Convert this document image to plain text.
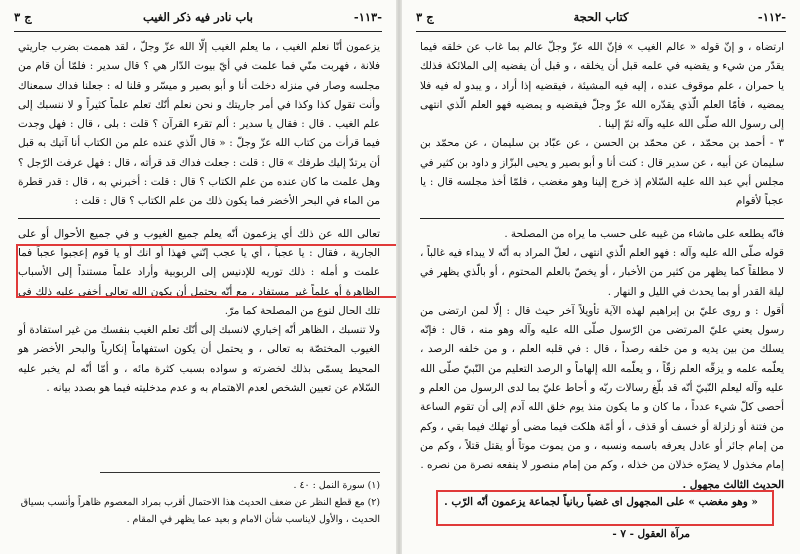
-١١٣-
باب نادر فيه ذكر الغيب
ج ٣

يزعمون أنّا نعلم الغيب ، ما يعلم الغيب إلّا الله عزّ وجلّ ، لقد هممت بضرب جاريتي فلانة ، فهربت منّي فما علمت في أيّ بيوت الدّار هي ؟ قال سدير : فلمّا أن قام من مجلسه وصار في منزله دخلت أنا و أبو بصير و ميسّر و قلنا له : جعلنا فداك سمعناك وأنت تقول كذا وكذا في أمر جاريتك و نحن نعلم أنّك تعلم علماً كثيراً و لا ننسبك إلى علم الغيب . قال : فقال يا سدير : ألم تقرء القرآن ؟ قلت : بلى ، قال : فهل وجدت فيما قرأت من كتاب الله عزّ وجلّ : « قال الّذي عنده علم من الكتاب أنا آتيك به قبل أن يرتدّ إليك طرفك » قال : قلت : جعلت فداك قد قرأته ، قال : فهل عرفت الرّجل ؟ وهل علمت ما كان عنده من علم الكتاب ؟ قال : قلت : أخبرني به ، قال : قدر قطرة من الماء في البحر الأخضر فما يكون ذلك من علم الكتاب ؟ قال : قلت :

تعالى الله عن ذلك أي يزعمون أنّه يعلم جميع الغيوب و في جميع الأحوال أو على الجارية ، فقال : يا عجباً ، أي يا عجب إنّني فهذا أو انك أو يا قوم إعجبوا عجباً فما علمت و أمله : ذلك توريه للإدنيس إلى الربوبية وأراد علماً مستنداً إلى الأسباب الظاهرة أو علماً غير مستفاد ، مع أنّه يحتمل أن يكون الله تعالى أخفى عليه ذلك في تلك الحال لنوع من المصلحة كما مرّ.

ولا تنسبك ، الظاهر أنّه إخباري لانسبك إلى أنّك تعلم الغيب بنفسك من غير استفادة أو الغيوب المختصّة به تعالى ، و يحتمل أن يكون استفهاماً إنكارياً والبحر الأخضر هو المحيط يسمّى بذلك لخضرته و سواده بسبب كثرة مائه ، و أمّا أنّه لم يخبر عليه السّلام عن تعيين الشخص لعدم الاهتمام به و عدم مدخليته فيما هو بصدد بيانه .

(١) سورة النمل : ٤٠ .

(٢) مع قطع النظر عن ضعف الحديث هذا الاحتمال أقرب بمراد المعصوم ظاهراً وأنسب بسياق الحديث ، والأول لايناسب شأن الامام و بعيد عما يظهر في المقام .

-١١٢-
كتاب الحجة
ج ٣

ارتضاه ، و إنّ قوله « عالم الغيب » فإنّ الله عزّ وجلّ عالم بما غاب عن خلقه فيما يقدّر من شيء و يقضيه في علمه قبل أن يخلقه ، و قبل أن يفضيه إلى الملائكة فذلك يا حمران ، علم موقوف عنده ، إليه فيه المشيئة ، فيقضيه إذا أراد ، و يبدو له فيه فلا يمضيه ، فأمّا العلم الّذي يقدّره الله عزّ وجلّ فيقضيه و يمضيه فهو العلم الّذي انتهى إلى رسول الله صلّى الله عليه وآله ثمّ إلينا .

٣ - أحمد بن محمّد ، عن محمّد بن الحسن ، عن عبّاد بن سليمان ، عن محمّد بن سليمان عن أبيه ، عن سدير قال : كنت أنا و أبو بصير و يحيى البزّاز و داود بن كثير في مجلس أبي عبد الله عليه السّلام إذ خرج إلينا وهو مغضب ، فلمّا أخذ مجلسه قال : يا عجباً لأقوام

فانّه يطلعه على ماشاء من غيبه على حسب ما يراه من المصلحة .

قوله صلّى الله عليه وآله : فهو العلم الّذي انتهى ، لعلّ المراد به أنّه لا يبداء فيه غالباً ، لا مطلقاً كما يظهر من كثير من الأخبار ، أو يخصّ بالعلم المحتوم ، أو بالّذي يظهر في ليلة القدر أو بما يحدث في الليل و النهار .

أقول : و روى عليّ بن إبراهيم لهذه الآية تأويلاً آخر حيث قال : إلّا لمن ارتضى من رسول يعني عليّ المرتضى من الرّسول صلّى الله عليه وآله وهو منه ، قال : فإنّه يسلك من بين يديه و من خلفه رصداً ، قال : في قلبه العلم ، و من خلفه الرصد ، يعلّمه علمه و يزقّه العلم زقّاً ، و يعلّمه الله إلهاماً و الرصد التعليم من النّبيّ صلّى الله عليه وآله ليعلم النّبيّ أنّه قد بلّغ رسالات ربّه و أحاط عليّ بما لدى الرسول من العلم و أحصى كلّ شيء عدداً ، ما كان و ما يكون منذ يوم خلق الله آدم إلى أن تقوم الساعة من فتنة أو زلزلة أو خسف أو قذف ، أو أمّة هلكت فيما مضى أو تهلك فيما بقي ، وكم من إمام جائر أو عادل يعرفه باسمه ونسبه ، و من يموت موتاً أو يقتل قتلاً ، وكم من إمام مخذول لا يضرّه خذلان من خذله ، وكم من إمام منصور لا ينفعه نصرة من نصره .

الحديث الثالث مجهول .

« وهو مغضب » على المجهول اى غضباً ربانياً لجماعة يزعمون أنّه الرّب .
مرآة العقول - ٧ -
